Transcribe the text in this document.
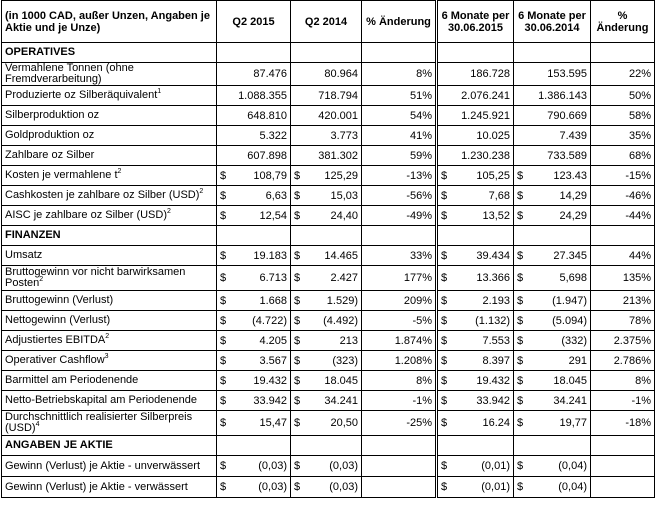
(in 1000 CAD, außer Unzen, Angaben je Aktie und je Unze)	Q2 2015	Q2 2014	% Änderung	6 Monate per 30.06.2015	6 Monate per 30.06.2014	% Änderung
OPERATIVES						
Vermahlene Tonnen (ohne Fremdverarbeitung)	87.476	80.964	8%	186.728	153.595	22%
Produzierte oz Silberäquivalent$^1$	1.088.355	718.794	51%	2.076.241	1.386.143	50%
Silberproduktion oz	648.810	420.001	54%	1.245.921	790.669	58%
Goldproduktion oz	5.322	3.773	41%	10.025	7.439	35%
Zahlbare oz Silber	607.898	381.302	59%	1.230.238	733.589	68%
Kosten je vermahlene $t^2$	$ 108,79	$ 125,29	-13%	$ 105,25	$ 123.43	-15%
Cashkosten je zahlbare oz Silber (USD)$^2$	$ 6,63	$ 15,03	-56%	$ 7,68	$ 14,29	-46%
AISC je zahlbare oz Silber (USD)$^2$	$ 12,54	$ 24,40	-49%	$ 13,52	$ 24,29	-44%
FINANZEN						
Umsatz	$ 19.183	$ 14.465	33%	$ 39.434	$ 27.345	44%
Bruttogewinn vor nicht barwirksamen Posten$^2$	$ 6.713	$ 2.427	177%	$ 13.366	$ 5,698	135%
Bruttogewinn (Verlust)	$ 1.668	$ 1.529)	209%	$ 2.193	$ (1.947)	213%
Nettogewinn (Verlust)	$ (4.722)	$ (4.492)	-5%	$ (1.132)	$ (5.094)	78%
Adjustiertes EBITDA$^2$	$ 4.205	$ 213	1.874%	$ 7.553	$ (332)	2.375%
Operativer Cashflow$^3$	$ 3.567	$ (323)	1.208%	$ 8.397	$ 291	2.786%
Barmittel am Periodenende	$ 19.432	$ 18.045	8%	$ 19.432	$ 18.045	8%
Netto-Betriebskapital am Periodenende	$ 33.942	$ 34.241	-1%	$ 33.942	$ 34.241	-1%
Durchschnittlich realisierter Silberpreis (USD)$^4$	$ 15,47	$ 20,50	-25%	$ 16.24	$ 19,77	-18%
ANGABEN JE AKTIE						
Gewinn (Verlust) je Aktie - unverwässert	$ (0,03)	$ (0,03)		$ (0,01)	$ (0,04)	
Gewinn (Verlust) je Aktie - verwässert	$ (0,03)	$ (0,03)		$ (0,01)	$ (0,04)	
